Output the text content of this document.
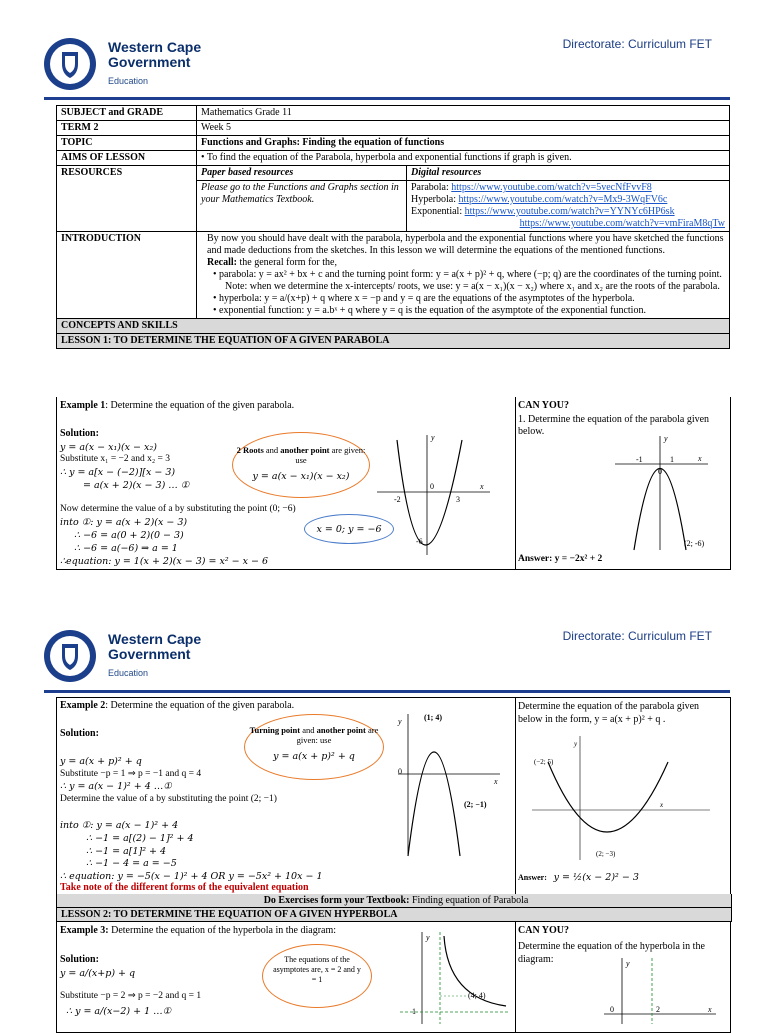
Western Cape
Government
Education
Directorate: Curriculum FET
SUBJECT and GRADE	Mathematics Grade 11	
TERM 2	Week 5	
TOPIC	Functions and Graphs: Finding the equation of functions	
AIMS OF LESSON	• To find the equation of the Parabola, hyperbola and exponential functions if graph is given.	
RESOURCES	Paper based resources	Digital resources
	Please go to the Functions and Graphs section in your Mathematics Textbook.	Parabola: https://www.youtube.com/watch?v=5vecNfFvvF8
Hyperbola: https://www.youtube.com/watch?v=Mx9-3WqFV6c
Exponential: https://www.youtube.com/watch?v=YYNYc6HP6sk
https://www.youtube.com/watch?v=vmFiraM8qTw

INTRODUCTION	By now you should have dealt with the parabola, hyperbola and the exponential functions where you have sketched the functions and made deductions from the sketches. In this lesson we will determine the equations of the mentioned functions.
Recall: the general form for the,
• parabola: y = ax² + bx + c and the turning point form: y = a(x + p)² + q, where (−p; q) are the coordinates of the turning point. Note: when we determine the x-intercepts/ roots, we use: y = a(x − x₁)(x − x₂) where x₁ and x₂ are the roots of the parabola.
• hyperbola: y = a/(x+p) + q where x = −p and y = q are the equations of the asymptotes of the hyperbola.
• exponential function: y = a.bˣ + q where y = q is the equation of the asymptote of the exponential function.	

CONCEPTS AND SKILLS		
LESSON 1: TO DETERMINE THE EQUATION OF A GIVEN PARABOLA		
Example 1: Determine the equation of the given parabola.
Solution:
y = a(x − x₁)(x − x₂)
Substitute x₁ = −2 and x₂ = 3
∴ y = a[x − (−2)][x − 3)
= a(x + 2)(x − 3) … ①
Now determine the value of a by substituting the point (0; −6)
into ①: y = a(x + 2)(x − 3)
∴ −6 = a(0 + 2)(0 − 3)
∴ −6 = a(−6) ⇒ a = 1
∴equation: y = 1(x + 2)(x − 3) = x² − x − 6
2 Roots and another point are given: use
y = a(x − x₁)(x − x₂)
x = 0; y = −6
y
x
0
-2	3
-6
CAN YOU?
1. Determine the equation of the parabola given below.
y
x
0
-1	1
(2; -6)
Answer: y = −2x² + 2
Western Cape
Government
Education
Directorate: Curriculum FET
Do Exercises form your Textbook: Finding equation of Parabola
LESSON 2: TO DETERMINE THE EQUATION OF A GIVEN HYPERBOLA
Example 2: Determine the equation of the given parabola.
Solution:
y = a(x + p)² + q
Substitute −p = 1 ⇒ p = −1 and q = 4
∴ y = a(x − 1)² + 4 …①
Determine the value of a by substituting the point (2; −1)
into ①: y = a(x − 1)² + 4
∴ −1 = a[(2) − 1]² + 4
∴ −1 = a[1]² + 4
∴ −1 − 4 = a = −5
∴ equation: y = −5(x − 1)² + 4 OR y = −5x² + 10x − 1
Take note of the different forms of the equivalent equation
Turning point and another point are given: use
y = a(x + p)² + q
y
x
0
(1; 4)
(2; −1)
Determine the equation of the parabola given below in the form, y = a(x + p)² + q .
y
x
(−2; 5)
(2; −3)
Answer: y = ½(x − 2)² − 3
Example 3: Determine the equation of the hyperbola in the diagram:
Solution:
y = a/(x+p) + q
Substitute −p = 2 ⇒ p = −2 and q = 1
∴ y = a/(x−2) + 1 …①
The equations of the asymptotes are, x = 2 and y = 1
y
1
(4; 4)
CAN YOU?
Determine the equation of the hyperbola in the diagram:	y
x
0	2
